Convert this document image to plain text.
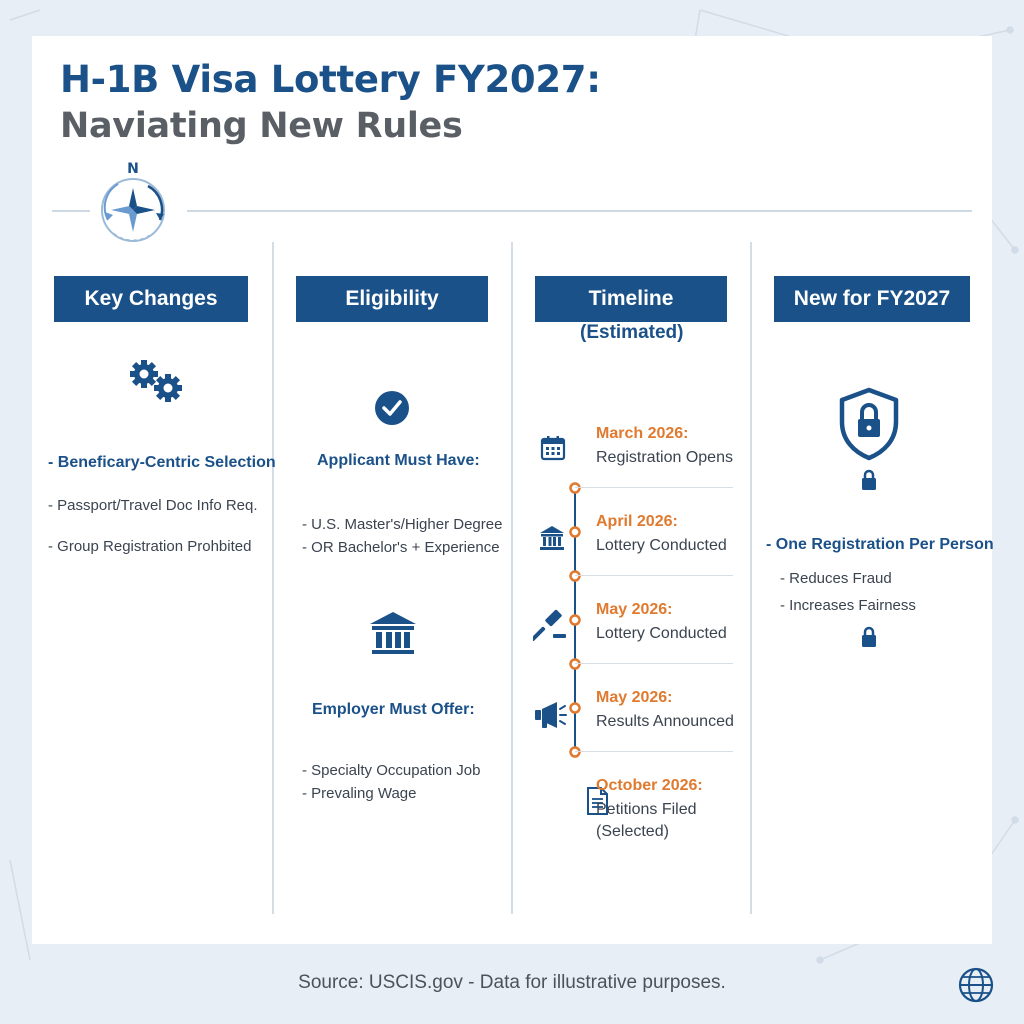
H-1B Visa Lottery FY2027:
Naviating New Rules
N
Key Changes
- Beneficary-Centric Selection
- Passport/Travel Doc Info Req.
- Group Registration Prohbited
Eligibility
Applicant Must Have:
- U.S. Master's/Higher Degree
- OR Bachelor's + Experience
Employer Must Offer:
- Specialty Occupation Job
- Prevaling Wage
Timeline
(Estimated)
March 2026:
Registration Opens
April 2026:
Lottery Conducted
May 2026:
Lottery Conducted
May 2026:
Results Announced
October 2026:
Petitions Filed
(Selected)
New for FY2027
- One Registration Per Person
- Reduces Fraud
- Increases Fairness
Source: USCIS.gov - Data for illustrative purposes.
